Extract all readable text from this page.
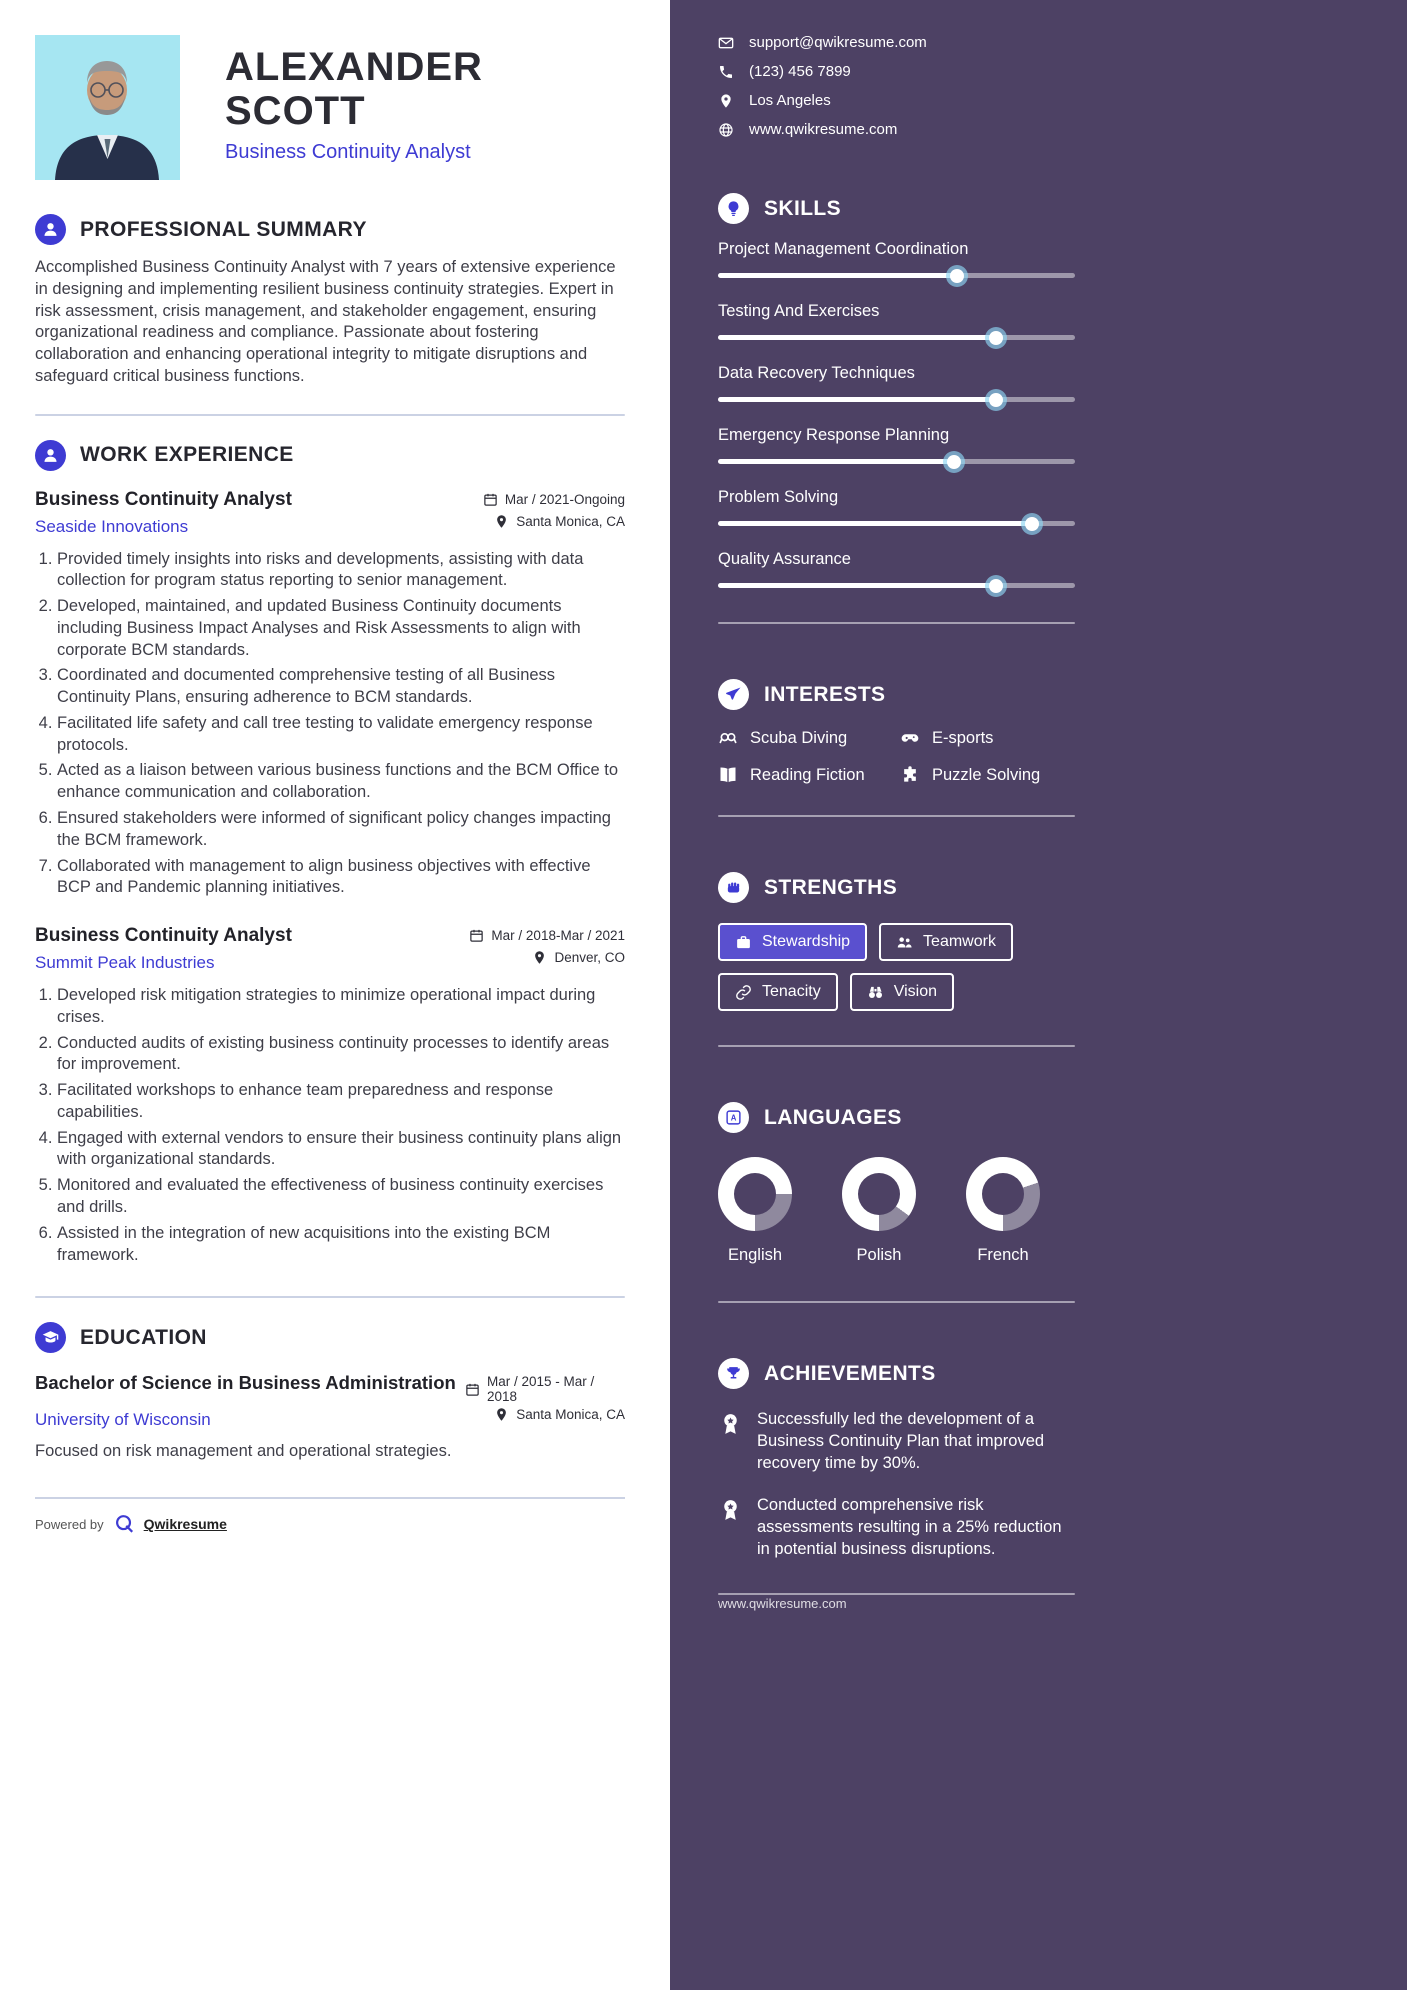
ALEXANDER
SCOTT
Business Continuity Analyst
PROFESSIONAL SUMMARY

Accomplished Business Continuity Analyst with 7 years of extensive experience in designing and implementing resilient business continuity strategies. Expert in risk assessment, crisis management, and stakeholder engagement, ensuring organizational readiness and compliance. Passionate about fostering collaboration and enhancing operational integrity to mitigate disruptions and safeguard critical business functions.

WORK EXPERIENCE
Business Continuity Analyst	Mar / 2021-Ongoing
Seaside Innovations	Santa Monica, CA
1. Provided timely insights into risks and developments, assisting with data collection for program status reporting to senior management.
2. Developed, maintained, and updated Business Continuity documents including Business Impact Analyses and Risk Assessments to align with corporate BCM standards.
3. Coordinated and documented comprehensive testing of all Business Continuity Plans, ensuring adherence to BCM standards.
4. Facilitated life safety and call tree testing to validate emergency response protocols.
5. Acted as a liaison between various business functions and the BCM Office to enhance communication and collaboration.
6. Ensured stakeholders were informed of significant policy changes impacting the BCM framework.
7. Collaborated with management to align business objectives with effective BCP and Pandemic planning initiatives.
Business Continuity Analyst	Mar / 2018-Mar / 2021
Summit Peak Industries	Denver, CO
1. Developed risk mitigation strategies to minimize operational impact during crises.
2. Conducted audits of existing business continuity processes to identify areas for improvement.
3. Facilitated workshops to enhance team preparedness and response capabilities.
4. Engaged with external vendors to ensure their business continuity plans align with organizational standards.
5. Monitored and evaluated the effectiveness of business continuity exercises and drills.
6. Assisted in the integration of new acquisitions into the existing BCM framework.
EDUCATION
Bachelor of Science in Business Administration Mar / 2015 - Mar / 2018
University of Wisconsin	Santa Monica, CA

Focused on risk management and operational strategies.

Powered by	Qwikresume
support@qwikresume.com
(123) 456 7899
Los Angeles
www.qwikresume.com
SKILLS
Project Management Coordination
Testing And Exercises
Data Recovery Techniques
Emergency Response Planning
Problem Solving
Quality Assurance
INTERESTS
Scuba Diving	E-sports
Reading Fiction	Puzzle Solving
STRENGTHS
Stewardship	Teamwork
Tenacity	Vision
A LANGUAGES
English	Polish	French
ACHIEVEMENTS

Successfully led the development of a Business Continuity Plan that improved recovery time by 30%.

Conducted comprehensive risk assessments resulting in a 25% reduction in potential business disruptions.

www.qwikresume.com
